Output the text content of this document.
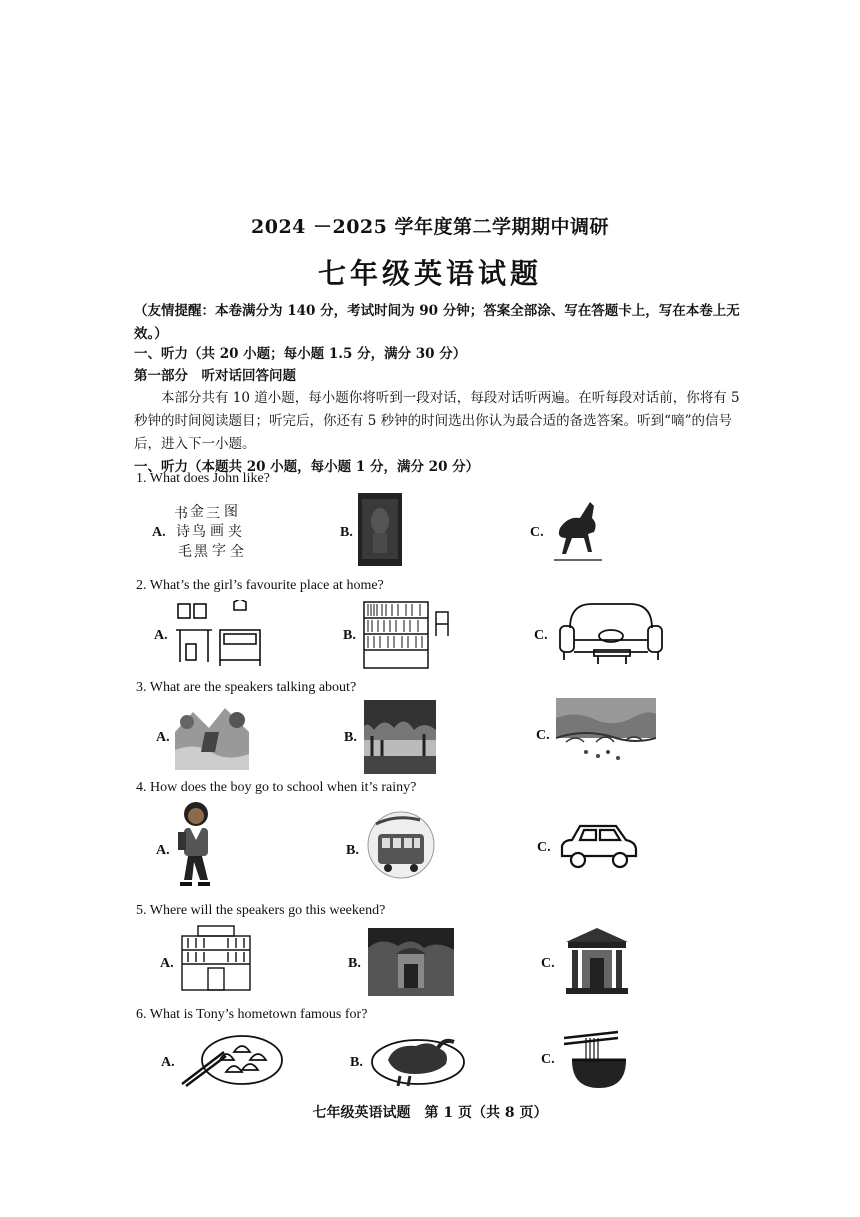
2024 －2025 学年度第二学期期中调研
七年级英语试题
（友情提醒：本卷满分为 140 分，考试时间为 90 分钟；答案全部涂、写在答题卡上，写在本卷上无效。）
一、听力（共 20 小题；每小题 1.5 分，满分 30 分）
第一部分　听对话回答问题
本部分共有 10 道小题，每小题你将听到一段对话，每段对话听两遍。在听每段对话前，你将有 5 秒钟的时间阅读题目；听完后，你还有 5 秒钟的时间选出你认为最合适的备选答案。听到“嘀”的信号后，进入下一小题。
一、听力（本题共 20 小题，每小题 1 分，满分 20 分）
1. What does John like?
A.
书 金 三 图
诗 鸟 画 夹
毛 黑 字 全
B.	C.
2. What’s the girl’s favourite place at home?
A.	B.	C.
3. What are the speakers talking about?
A.	B.	C.
4. How does the boy go to school when it’s rainy?
A.	B.	C.
5. Where will the speakers go this weekend?
A.	B.	C.
6. What is Tony’s hometown famous for?
A.	B.	C.
七年级英语试题　第 1 页（共 8 页）
